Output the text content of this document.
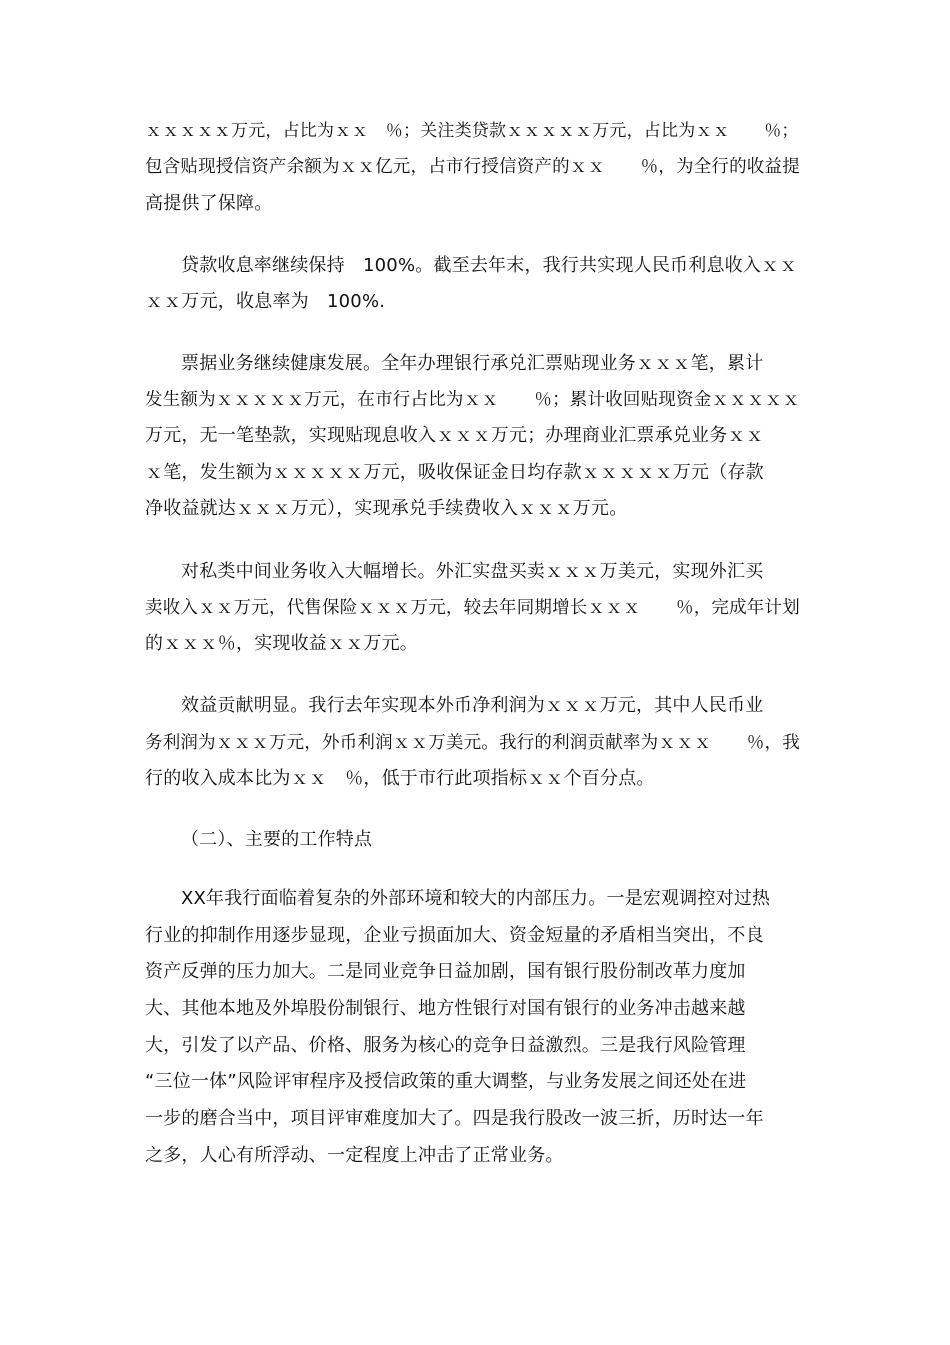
ｘｘｘｘｘ万元，占比为ｘｘ　％；关注类贷款ｘｘｘｘｘ万元，占比为ｘｘ　　％；
包含贴现授信资产余额为ｘｘ亿元，占市行授信资产的ｘｘ　　％，为全行的收益提
高提供了保障。
贷款收息率继续保持　100%。截至去年末，我行共实现人民币利息收入ｘｘ
ｘｘ万元，收息率为　100%.
票据业务继续健康发展。全年办理银行承兑汇票贴现业务ｘｘｘ笔，累计
发生额为ｘｘｘｘｘ万元，在市行占比为ｘｘ　　％；累计收回贴现资金ｘｘｘｘｘ
万元，无一笔垫款，实现贴现息收入ｘｘｘ万元；办理商业汇票承兑业务ｘｘ
ｘ笔，发生额为ｘｘｘｘｘ万元，吸收保证金日均存款ｘｘｘｘｘ万元（存款
净收益就达ｘｘｘ万元），实现承兑手续费收入ｘｘｘ万元。
对私类中间业务收入大幅增长。外汇实盘买卖ｘｘｘ万美元，实现外汇买
卖收入ｘｘ万元，代售保险ｘｘｘ万元，较去年同期增长ｘｘｘ　　％，完成年计划
的ｘｘｘ％，实现收益ｘｘ万元。
效益贡献明显。我行去年实现本外币净利润为ｘｘｘ万元，其中人民币业
务利润为ｘｘｘ万元，外币利润ｘｘ万美元。我行的利润贡献率为ｘｘｘ　　％，我
行的收入成本比为ｘｘ　％，低于市行此项指标ｘｘ个百分点。
（二）、主要的工作特点
XX年我行面临着复杂的外部环境和较大的内部压力。一是宏观调控对过热
行业的抑制作用逐步显现，企业亏损面加大、资金短量的矛盾相当突出，不良
资产反弹的压力加大。二是同业竞争日益加剧，国有银行股份制改革力度加
大、其他本地及外埠股份制银行、地方性银行对国有银行的业务冲击越来越
大，引发了以产品、价格、服务为核心的竞争日益激烈。三是我行风险管理
“三位一体”风险评审程序及授信政策的重大调整，与业务发展之间还处在进
一步的磨合当中，项目评审难度加大了。四是我行股改一波三折，历时达一年
之多，人心有所浮动、一定程度上冲击了正常业务。
